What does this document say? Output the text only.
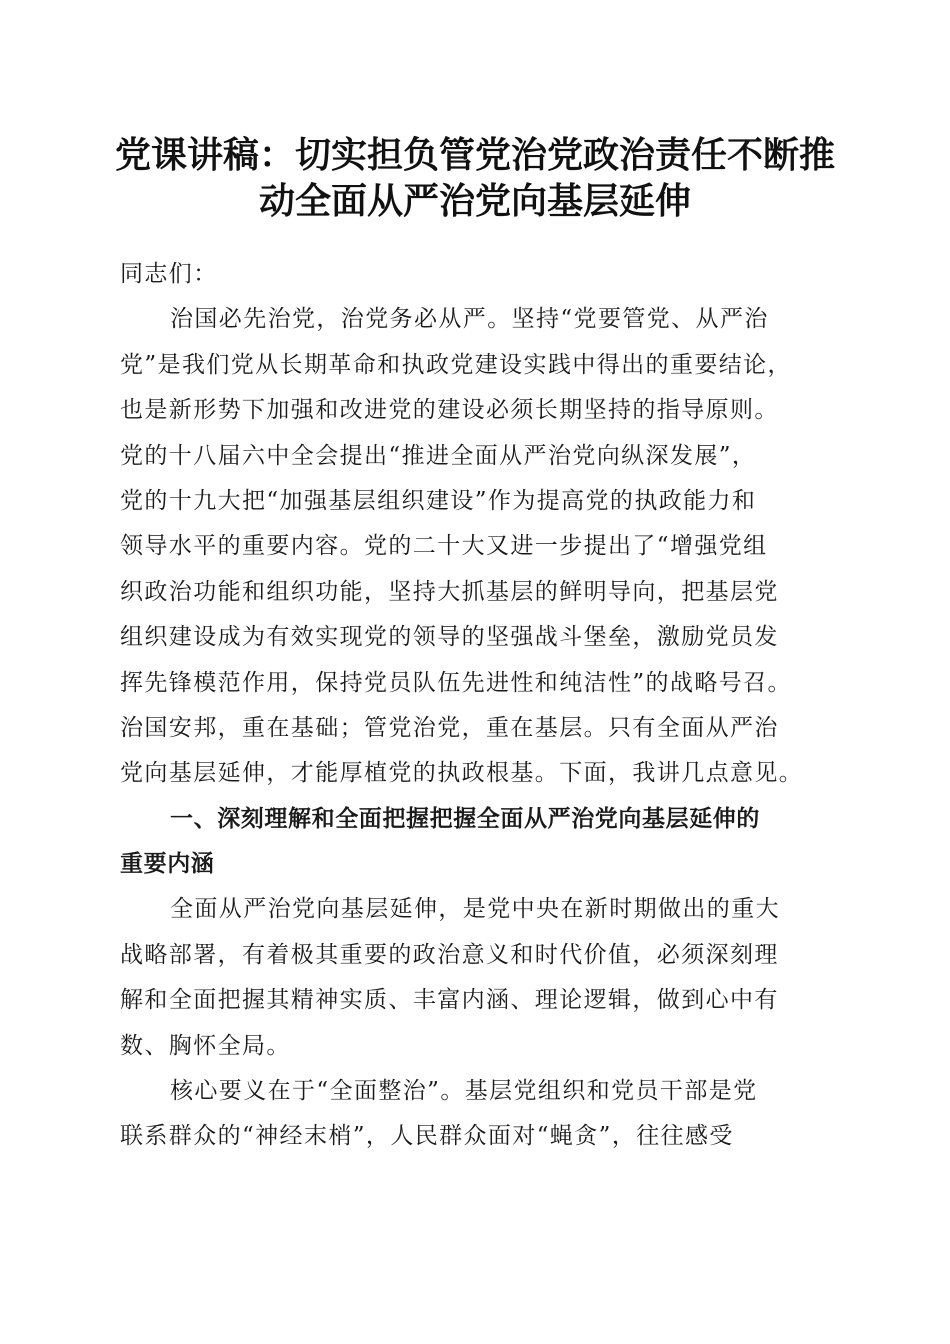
党课讲稿：切实担负管党治党政治责任不断推
动全面从严治党向基层延伸
同志们：
治国必先治党，治党务必从严。坚持“党要管党、从严治
党”是我们党从长期革命和执政党建设实践中得出的重要结论，
也是新形势下加强和改进党的建设必须长期坚持的指导原则。
党的十八届六中全会提出“推进全面从严治党向纵深发展”，
党的十九大把“加强基层组织建设”作为提高党的执政能力和
领导水平的重要内容。党的二十大又进一步提出了“增强党组
织政治功能和组织功能，坚持大抓基层的鲜明导向，把基层党
组织建设成为有效实现党的领导的坚强战斗堡垒，激励党员发
挥先锋模范作用，保持党员队伍先进性和纯洁性”的战略号召。
治国安邦，重在基础；管党治党，重在基层。只有全面从严治
党向基层延伸，才能厚植党的执政根基。下面，我讲几点意见。
一、深刻理解和全面把握把握全面从严治党向基层延伸的
重要内涵
全面从严治党向基层延伸，是党中央在新时期做出的重大
战略部署，有着极其重要的政治意义和时代价值，必须深刻理
解和全面把握其精神实质、丰富内涵、理论逻辑，做到心中有
数、胸怀全局。
核心要义在于“全面整治”。基层党组织和党员干部是党
联系群众的“神经末梢”，人民群众面对“蝇贪”，往往感受
